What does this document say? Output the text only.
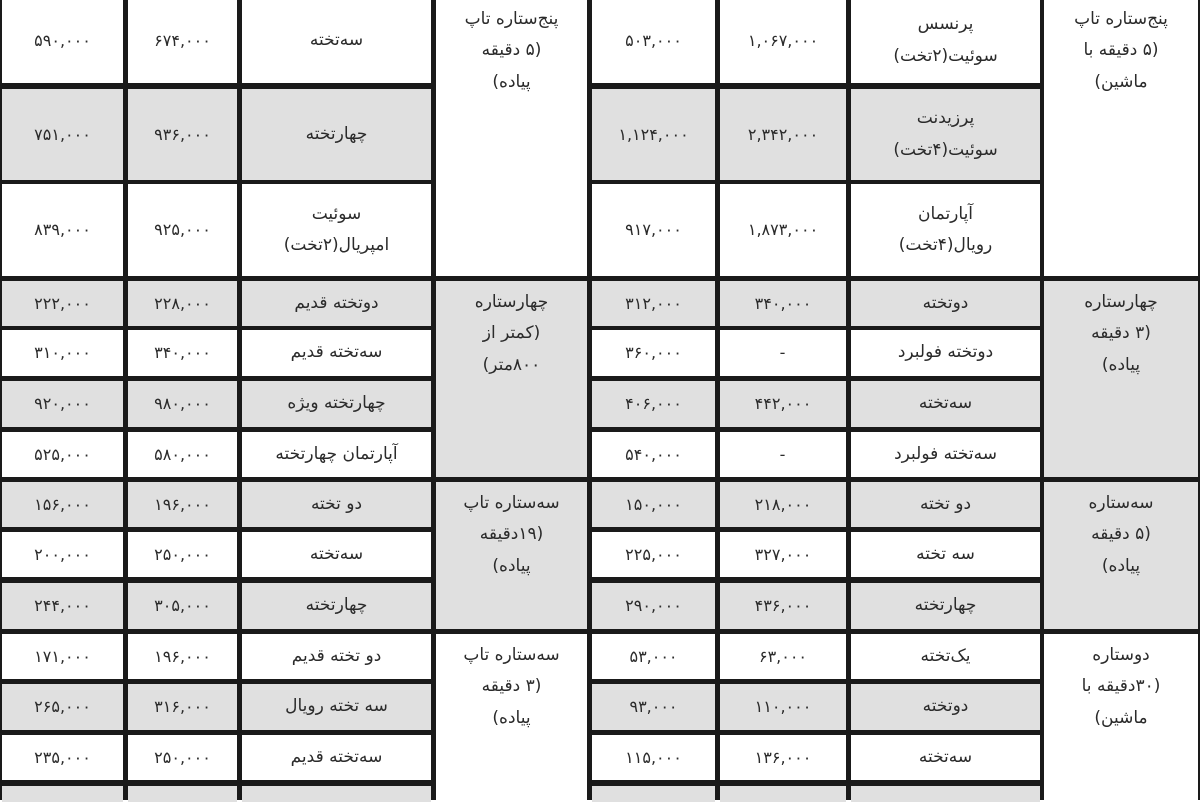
پرنسس
سوئیت(۲تخت)
۱,۰۶۷,۰۰۰
۵۰۳,۰۰۰
پرزیدنت
سوئیت(۴تخت)
۲,۳۴۲,۰۰۰
۱,۱۲۴,۰۰۰
آپارتمان
رویال(۴تخت)
۱,۸۷۳,۰۰۰
۹۱۷,۰۰۰
دوتخته
۳۴۰,۰۰۰
۳۱۲,۰۰۰
دوتخته فولبرد
-
۳۶۰,۰۰۰
سه‌تخته
۴۴۲,۰۰۰
۴۰۶,۰۰۰
سه‌تخته فولبرد
-
۵۴۰,۰۰۰
دو تخته
۲۱۸,۰۰۰
۱۵۰,۰۰۰
سه تخته
۳۲۷,۰۰۰
۲۲۵,۰۰۰
چهارتخته
۴۳۶,۰۰۰
۲۹۰,۰۰۰
یک‌تخته
۶۳,۰۰۰
۵۳,۰۰۰
دوتخته
۱۱۰,۰۰۰
۹۳,۰۰۰
سه‌تخته
۱۳۶,۰۰۰
۱۱۵,۰۰۰
پنج‌ستاره تاپ
(۵ دقیقه با
ماشین)
چهارستاره
(۳ دقیقه
پیاده)
سه‌ستاره
(۵ دقیقه
پیاده)
دوستاره
(۳۰دقیقه با
ماشین)
سه‌تخته
۶۷۴,۰۰۰
۵۹۰,۰۰۰
چهارتخته
۹۳۶,۰۰۰
۷۵۱,۰۰۰
سوئیت
امپریال(۲تخت)
۹۲۵,۰۰۰
۸۳۹,۰۰۰
دوتخته قدیم
۲۲۸,۰۰۰
۲۲۲,۰۰۰
سه‌تخته قدیم
۳۴۰,۰۰۰
۳۱۰,۰۰۰
چهارتخته ویژه
۹۸۰,۰۰۰
۹۲۰,۰۰۰
آپارتمان چهارتخته
۵۸۰,۰۰۰
۵۲۵,۰۰۰
دو تخته
۱۹۶,۰۰۰
۱۵۶,۰۰۰
سه‌تخته
۲۵۰,۰۰۰
۲۰۰,۰۰۰
چهارتخته
۳۰۵,۰۰۰
۲۴۴,۰۰۰
دو تخته قدیم
۱۹۶,۰۰۰
۱۷۱,۰۰۰
سه تخته رویال
۳۱۶,۰۰۰
۲۶۵,۰۰۰
سه‌تخته قدیم
۲۵۰,۰۰۰
۲۳۵,۰۰۰
پنج‌ستاره تاپ
(۵ دقیقه
پیاده)
چهارستاره
(کمتر از
۸۰۰متر)
سه‌ستاره تاپ
(۱۹دقیقه
پیاده)
سه‌ستاره تاپ
(۳ دقیقه
پیاده)
